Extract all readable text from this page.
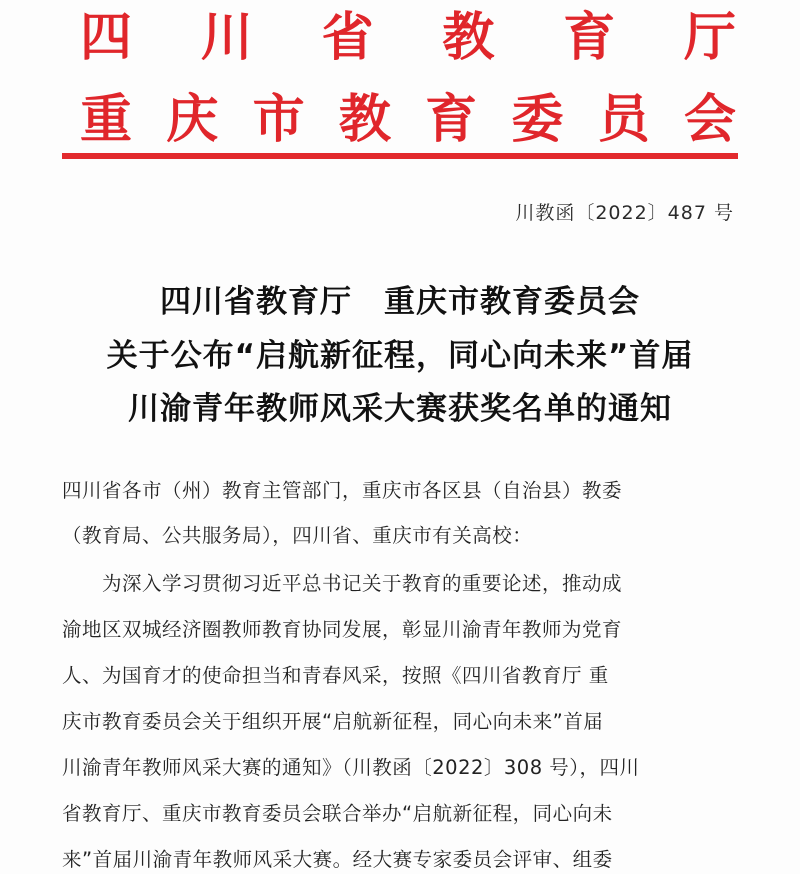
四 川 省 教 育 厅
重 庆 市 教 育 委 员 会
川教函〔2022〕487 号
四川省教育厅　重庆市教育委员会
关于公布“启航新征程，同心向未来”首届
川渝青年教师风采大赛获奖名单的通知
四川省各市（州）教育主管部门，重庆市各区县（自治县）教委
（教育局、公共服务局），四川省、重庆市有关高校：
　　为深入学习贯彻习近平总书记关于教育的重要论述，推动成
渝地区双城经济圈教师教育协同发展，彰显川渝青年教师为党育
人、为国育才的使命担当和青春风采，按照《四川省教育厅 重
庆市教育委员会关于组织开展“启航新征程，同心向未来”首届
川渝青年教师风采大赛的通知》（川教函〔2022〕308 号），四川
省教育厅、重庆市教育委员会联合举办“启航新征程，同心向未
来”首届川渝青年教师风采大赛。经大赛专家委员会评审、组委
